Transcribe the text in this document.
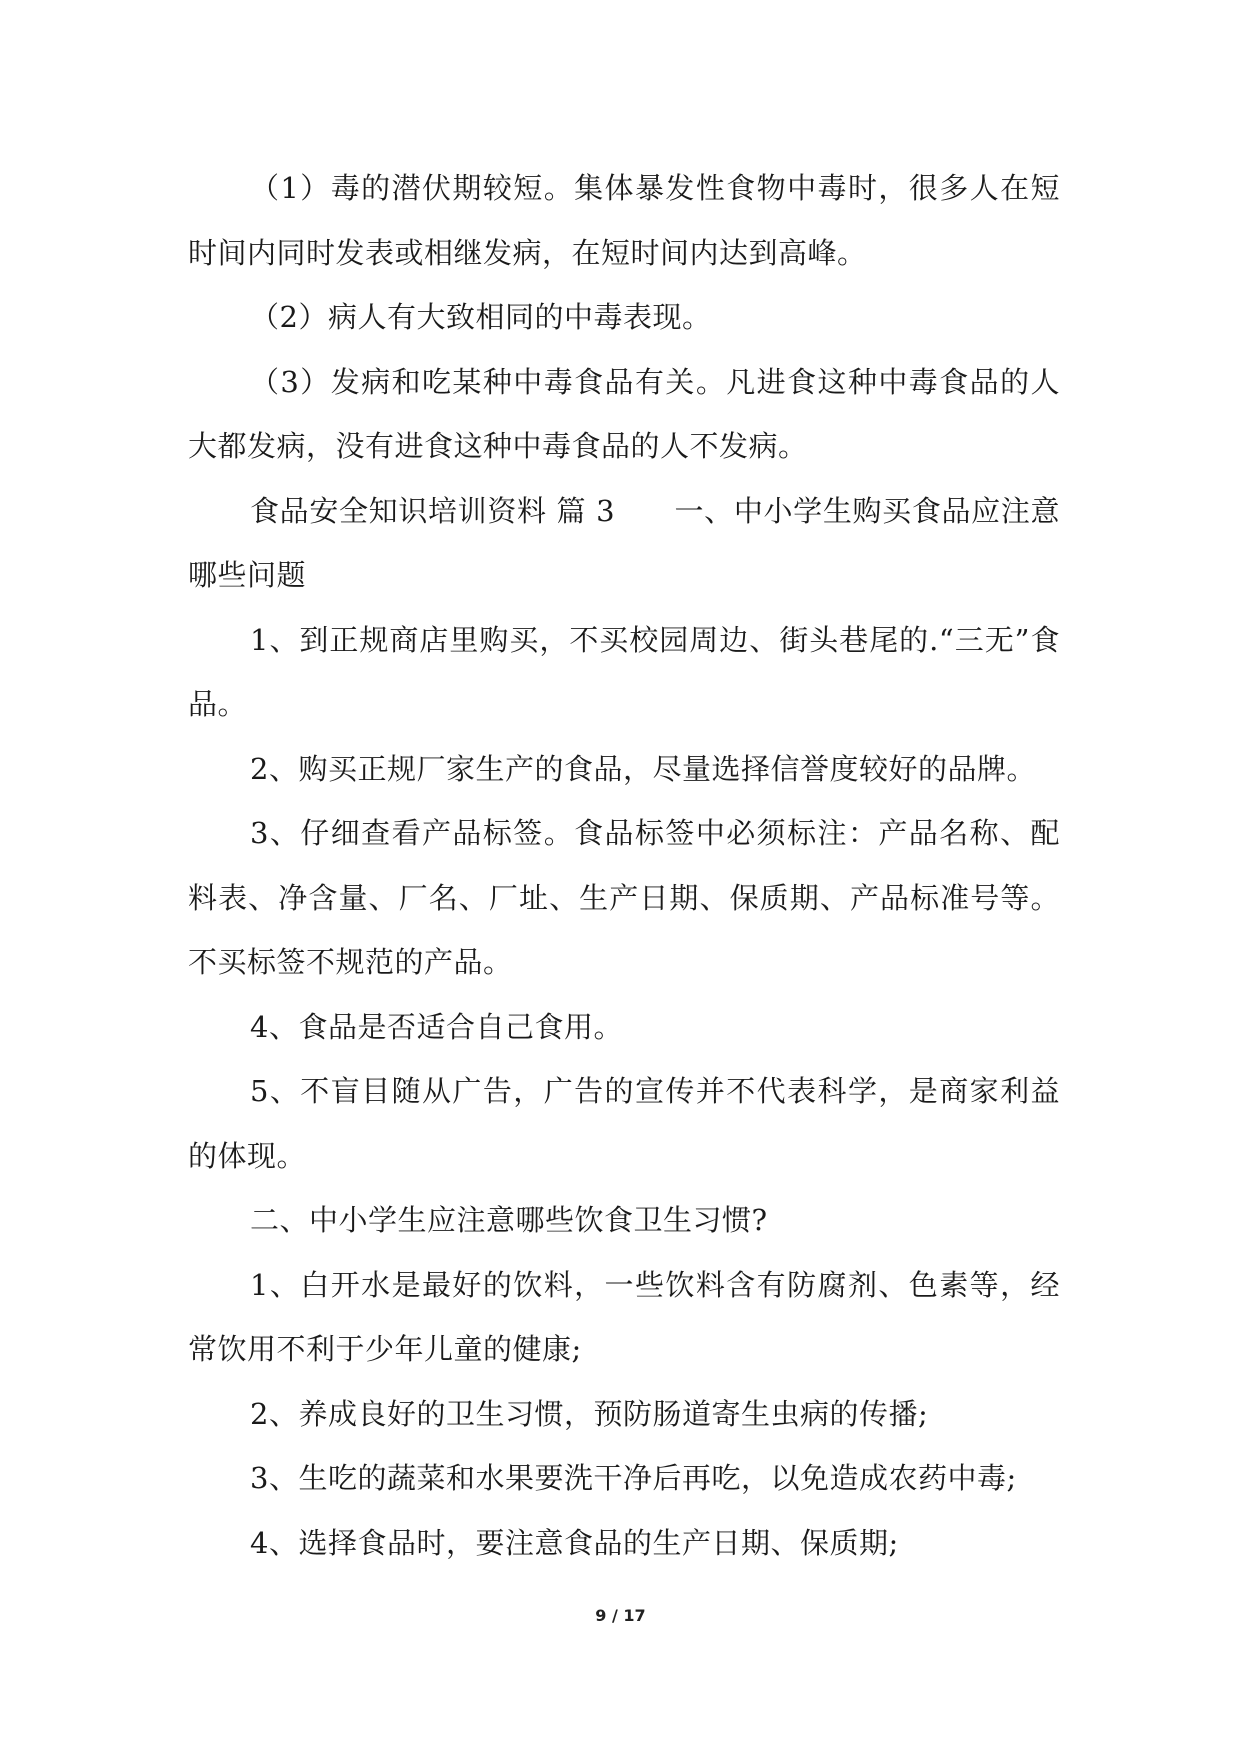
（1）毒的潜伏期较短。集体暴发性食物中毒时，很多人在短时间内同时发表或相继发病，在短时间内达到高峰。

（2）病人有大致相同的中毒表现。

（3）发病和吃某种中毒食品有关。凡进食这种中毒食品的人大都发病，没有进食这种中毒食品的人不发病。

食品安全知识培训资料 篇 3　　一、中小学生购买食品应注意哪些问题

1、到正规商店里购买，不买校园周边、街头巷尾的.“三无”食品。

2、购买正规厂家生产的食品，尽量选择信誉度较好的品牌。

3、仔细查看产品标签。食品标签中必须标注：产品名称、配料表、净含量、厂名、厂址、生产日期、保质期、产品标准号等。不买标签不规范的产品。

4、食品是否适合自己食用。

5、不盲目随从广告，广告的宣传并不代表科学，是商家利益的体现。

二、中小学生应注意哪些饮食卫生习惯?

1、白开水是最好的饮料，一些饮料含有防腐剂、色素等，经常饮用不利于少年儿童的健康;

2、养成良好的卫生习惯，预防肠道寄生虫病的传播;

3、生吃的蔬菜和水果要洗干净后再吃，以免造成农药中毒;

4、选择食品时，要注意食品的生产日期、保质期;

9 / 17
